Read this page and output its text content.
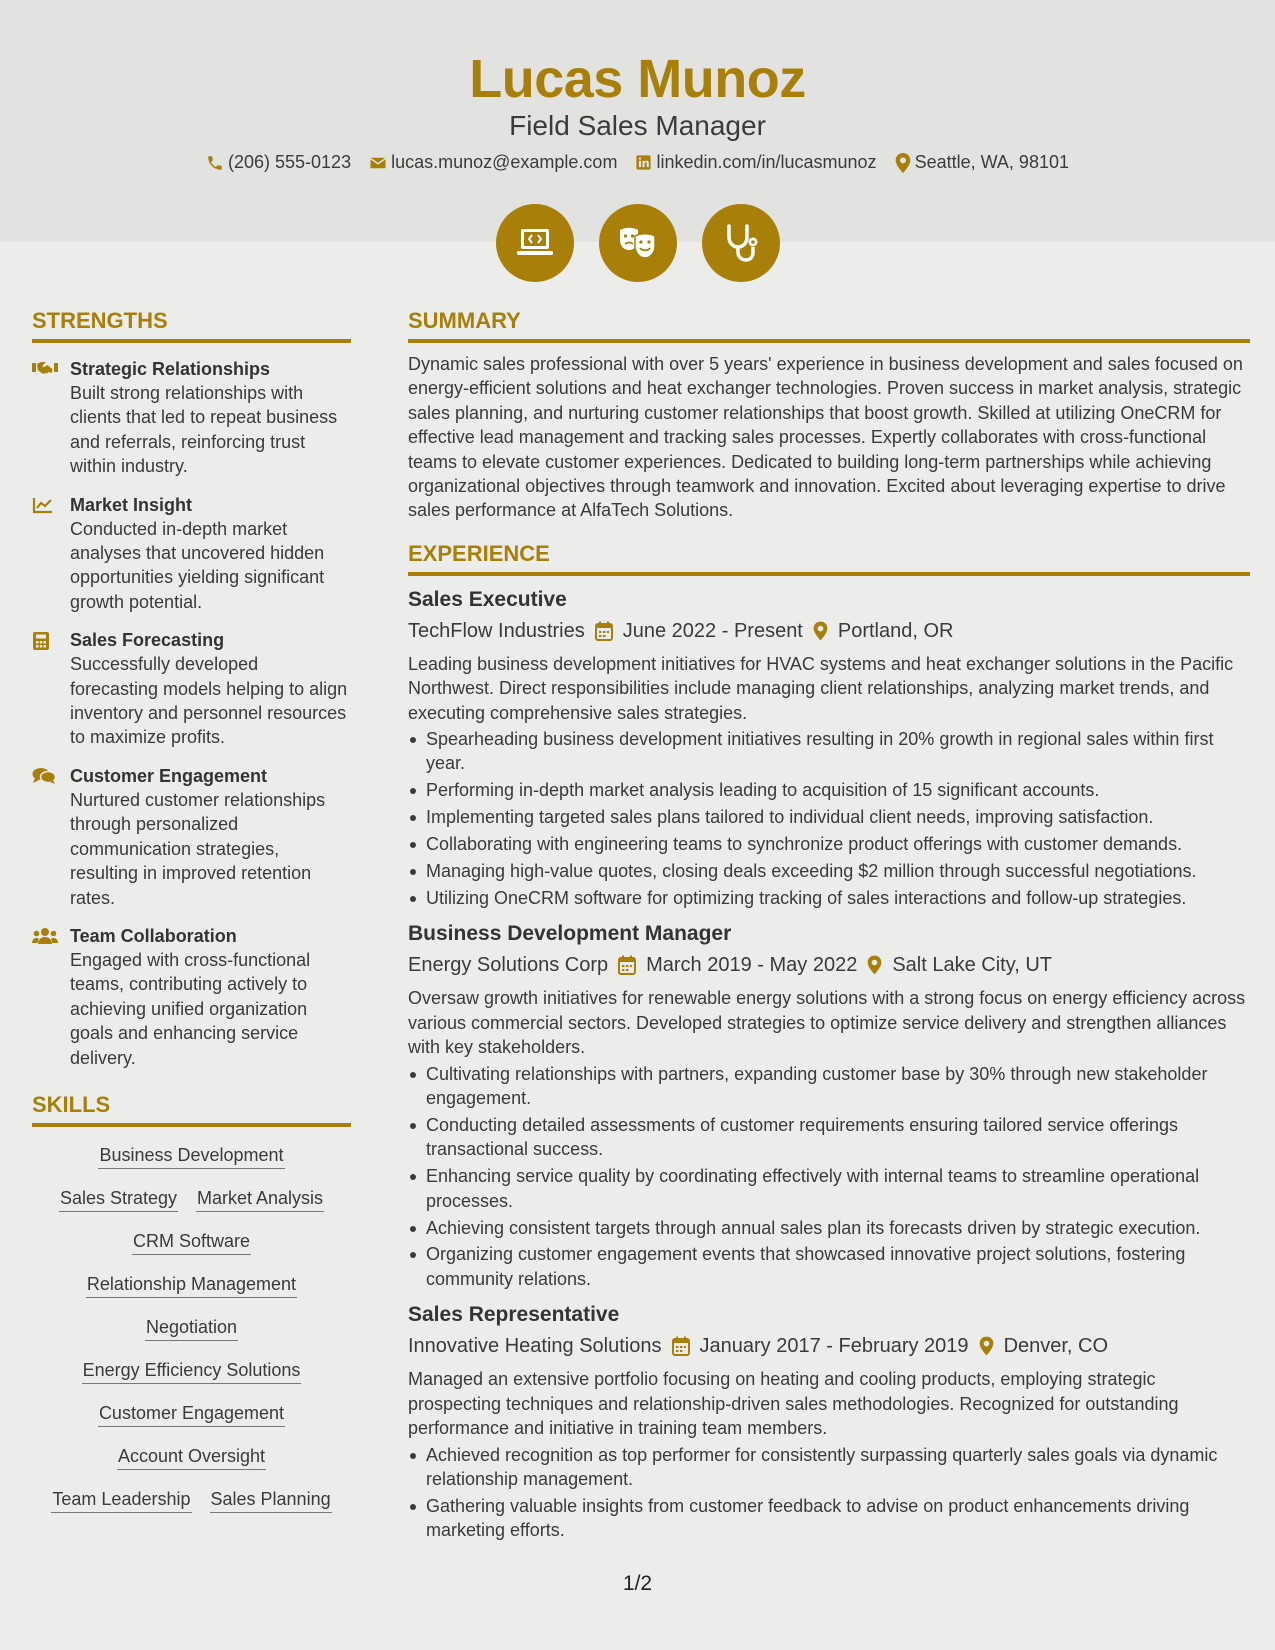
Lucas Munoz
Field Sales Manager
(206) 555-0123 lucas.munoz@example.com linkedin.com/in/lucasmunoz Seattle, WA, 98101
STRENGTHS
Strategic Relationships
Built strong relationships with clients that led to repeat business and referrals, reinforcing trust within industry.
Market Insight
Conducted in-depth market analyses that uncovered hidden opportunities yielding significant growth potential.
Sales Forecasting
Successfully developed forecasting models helping to align inventory and personnel resources to maximize profits.
Customer Engagement
Nurtured customer relationships through personalized communication strategies, resulting in improved retention rates.
Team Collaboration
Engaged with cross-functional teams, contributing actively to achieving unified organization goals and enhancing service delivery.
SKILLS
Business Development
Sales Strategy Market Analysis
CRM Software
Relationship Management
Negotiation
Energy Efficiency Solutions
Customer Engagement
Account Oversight
Team Leadership Sales Planning
SUMMARY
Dynamic sales professional with over 5 years' experience in business development and sales focused on energy-efficient solutions and heat exchanger technologies. Proven success in market analysis, strategic sales planning, and nurturing customer relationships that boost growth. Skilled at utilizing OneCRM for effective lead management and tracking sales processes. Expertly collaborates with cross-functional teams to elevate customer experiences. Dedicated to building long-term partnerships while achieving organizational objectives through teamwork and innovation. Excited about leveraging expertise to drive sales performance at AlfaTech Solutions.
EXPERIENCE
Sales Executive
TechFlow Industries June 2022 - Present Portland, OR
Leading business development initiatives for HVAC systems and heat exchanger solutions in the Pacific Northwest. Direct responsibilities include managing client relationships, analyzing market trends, and executing comprehensive sales strategies.
Spearheading business development initiatives resulting in 20% growth in regional sales within first year.
Performing in-depth market analysis leading to acquisition of 15 significant accounts.
Implementing targeted sales plans tailored to individual client needs, improving satisfaction.
Collaborating with engineering teams to synchronize product offerings with customer demands.
Managing high-value quotes, closing deals exceeding $2 million through successful negotiations.
Utilizing OneCRM software for optimizing tracking of sales interactions and follow-up strategies.
Business Development Manager
Energy Solutions Corp March 2019 - May 2022 Salt Lake City, UT
Oversaw growth initiatives for renewable energy solutions with a strong focus on energy efficiency across various commercial sectors. Developed strategies to optimize service delivery and strengthen alliances with key stakeholders.
Cultivating relationships with partners, expanding customer base by 30% through new stakeholder engagement.
Conducting detailed assessments of customer requirements ensuring tailored service offerings transactional success.
Enhancing service quality by coordinating effectively with internal teams to streamline operational processes.
Achieving consistent targets through annual sales plan its forecasts driven by strategic execution.
Organizing customer engagement events that showcased innovative project solutions, fostering community relations.
Sales Representative
Innovative Heating Solutions January 2017 - February 2019 Denver, CO
Managed an extensive portfolio focusing on heating and cooling products, employing strategic prospecting techniques and relationship-driven sales methodologies. Recognized for outstanding performance and initiative in training team members.
Achieved recognition as top performer for consistently surpassing quarterly sales goals via dynamic relationship management.
Gathering valuable insights from customer feedback to advise on product enhancements driving marketing efforts.
1/2
